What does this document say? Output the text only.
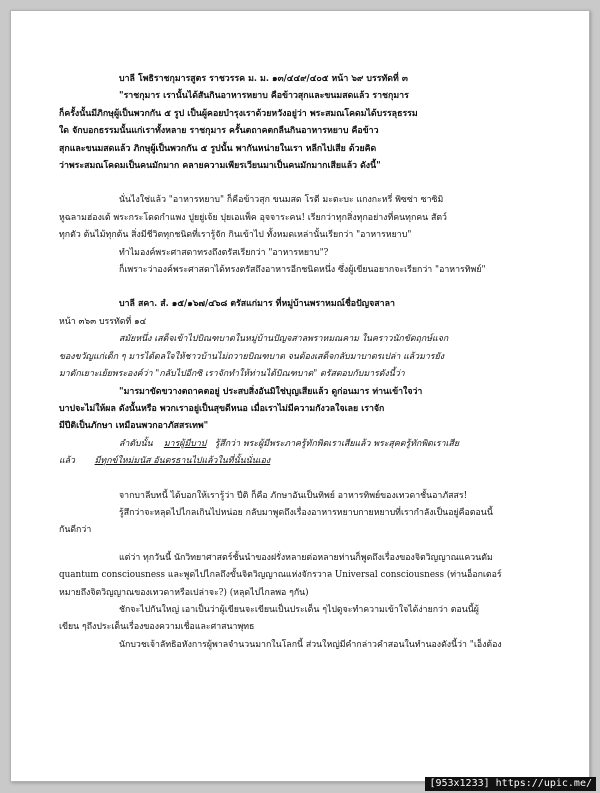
บาลี โพธิราชกุมารสูตร ราชวรรค ม. ม. ๑๓/๔๔๙/๔๐๕ หน้า ๖๙ บรรทัดที่ ๓
"ราชกุมาร เรานั้นได้สันกินอาหารหยาบ คือข้าวสุกและขนมสดแล้ว ราชกุมาร
ก็ครั้งนั้นมีภิกษุผู้เป็นพวกกัน ๕ รูป เป็นผู้คอยบำรุงเราด้วยหวังอยู่ว่า พระสมณโคดมได้บรรลุธรรม
ใด จักบอกธรรมนั้นแก่เราทั้งหลาย ราชกุมาร ครั้นตถาคตกลืนกินอาหารหยาบ คือข้าว
สุกและขนมสดแล้ว ภิกษุผู้เป็นพวกกัน ๕ รูปนั้น พากันหน่ายในเรา หลีกไปเสีย ด้วยคิด
ว่าพระสมณโคดมเป็นคนมักมาก คลายความเพียรเวียนมาเป็นคนมักมากเสียแล้ว ดังนี้"
นั่นไงใช่แล้ว "อาหารหยาบ" ก็คือข้าวสุก ขนมสด โรตี มะตะบะ แกงกะหรี่ พิซซ่า ซาซิมิ
หูฉลามฮ่องเต้ พระกระโดดกำแพง ปูยยู่เจ้ย ปุยเอแพ็ค อุจจาระคน! เรียกว่าทุกสิ่งทุกอย่างที่คนทุกคน สัตว์
ทุกตัว ต้นไม้ทุกต้น สิ่งมีชีวิตทุกชนิดที่เรารู้จัก กินเข้าไป ทั้งหมดเหล่านั้นเรียกว่า "อาหารหยาบ"
ทำไมองค์พระศาสดาทรงถึงตรัสเรียกว่า "อาหารหยาบ"?
ก็เพราะว่าองค์พระศาสดาได้ทรงตรัสถึงอาหารอีกชนิดหนึ่ง ซึ่งผู้เขียนอยากจะเรียกว่า "อาหารทิพย์"
บาลี สคา. สํ. ๑๕/๑๖๗/๔๖๘ ตรัสแก่มาร ที่หมู่บ้านพราหมณ์ชื่อปัญจสาลา
หน้า ๓๖๓ บรรทัดที่ ๑๔
สมัยหนึ่ง เสด็จเข้าไปบิณฑบาตในหมู่บ้านปัญจสาลพราหมณคาม ในคราวนักขัตฤกษ์แจก
ของขวัญแก่เด็ก ๆ มารได้ดลใจให้ชาวบ้านไม่ถวายบิณฑบาต จนต้องเสด็จกลับมาบาตรเปล่า แล้วมารยัง
มาดักเยาะเย้ยพระองค์ว่า "กลับไปอีกซิ เราจักทำให้ท่านได้บิณฑบาต" ตรัสตอบกับมารดังนี้ว่า
"มารมาขัดขวางตถาคตอยู่ ประสบสิ่งอันมิใช่บุญเสียแล้ว ดูก่อนมาร ท่านเข้าใจว่า
บาปจะไม่ให้ผล ดังนั้นหรือ พวกเราอยู่เป็นสุขดีหนอ เมื่อเราไม่มีความกังวลใจเลย เราจัก
มีปีติเป็นภักษา เหมือนพวกอาภัสสรเทพ"
ลำดับนั้น มารผู้มีบาป รู้สึกว่า พระผู้มีพระภาครู้ทักพิดเราเสียแล้ว พระสุคตรู้ทักพิดเราเสีย
แล้ว มีทุกข์ใหม่มนัส อันตรธานไปแล้วในที่นั้นนั่นเอง
จากบาลีบทนี้ ได้บอกให้เรารู้ว่า ปีติ ก็คือ ภักษาอันเป็นทิพย์ อาหารทิพย์ของเทวดาชั้นอาภัสสร!
รู้สึกว่าจะหลุดไปไกลเกินไปหน่อย กลับมาพูดถึงเรื่องอาหารหยาบกายหยาบที่เรากำลังเป็นอยู่คือตอนนี้
กันดีกว่า
แต่ว่า ทุกวันนี้ นักวิทยาศาสตร์ชั้นนำของฝรั่งหลายต่อหลายท่านก็พูดถึงเรื่องของจิตวิญญาณแควนตัม
quantum consciousness และพูดไปไกลถึงขั้นจิตวิญญาณแห่งจักรวาล Universal consciousness (ท่านอ็อกเตอร์
หมายถึงจิตวิญญาณของเทวดาหรือเปล่าจะ?) (หลุดไปไกลพอ ๆกัน)
ชักจะไปกันใหญ่ เอาเป็นว่าผู้เขียนจะเขียนเป็นประเด็น ๆไปดูจะทำความเข้าใจได้ง่ายกว่า ตอนนี้ผู้
เขียน ๆถึงประเด็นเรื่องของความเชื่อและศาสนาพุทธ
นักบวชเจ้าลัทธิอหังการผู้พาลจำนวนมากในโลกนี้ ส่วนใหญ่มีคำกล่าวคำสอนในทำนองดังนี้ว่า "เอ็งต้อง
[953x1233] https://upic.me/
